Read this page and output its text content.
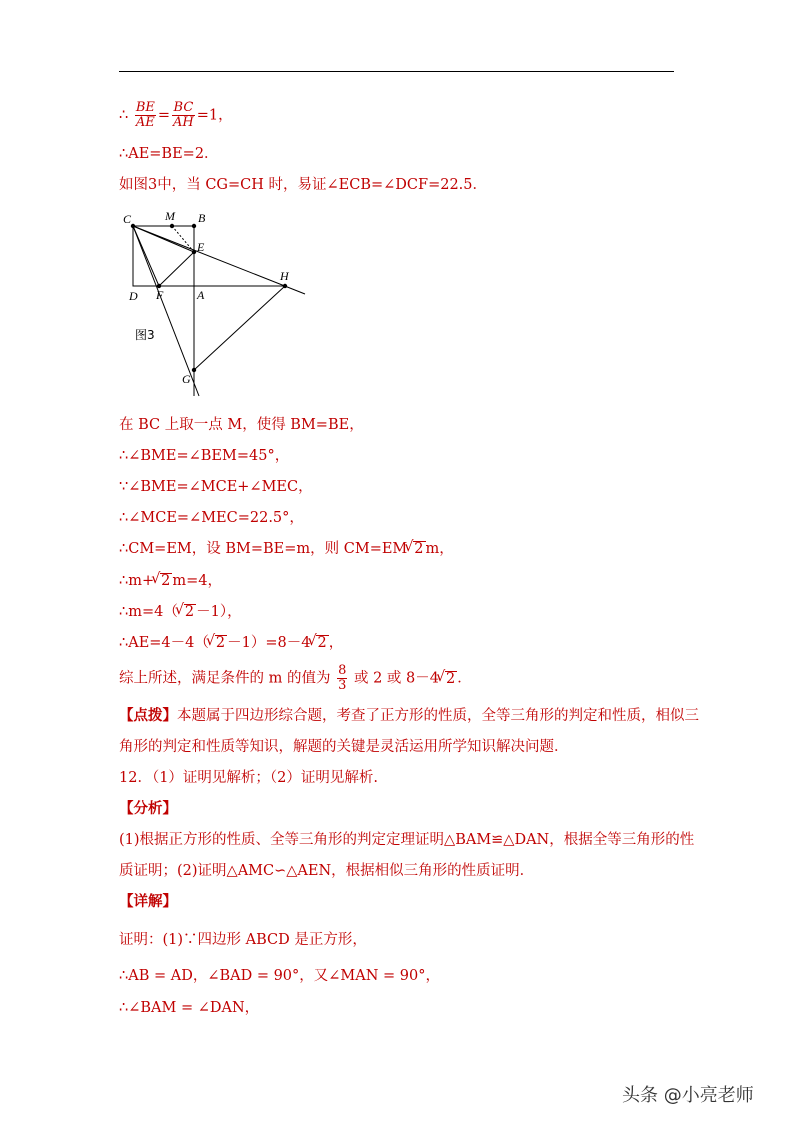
∴ $\frac{BE}{AE} = \frac{BC}{AH} =1$，
∴AE=BE=2．
如图3中，当 CG=CH 时，易证∠ECB=∠DCF=22.5．
C	M B
E
H
D F	A
G
图3
在 BC 上取一点 M，使得 BM=BE，
∴∠BME=∠BEM=45°，
∵∠BME=∠MCE+∠MEC，
∴∠MCE=∠MEC=22.5°，
∴CM=EM，设 BM=BE=m，则 CM=EM √ 2 m，
∴m+ √ 2 m=4，
∴m=4（ √ 2 －1），
∴AE=4－4（ √ 2 －1）=8－4 √ 2 ，
综上所述，满足条件的 m 的值为 $\frac{8}{3}$ 或 2 或 8－4 √ 2 ．
【点拨】本题属于四边形综合题，考查了正方形的性质，全等三角形的判定和性质，相似三
角形的判定和性质等知识，解题的关键是灵活运用所学知识解决问题．
12．（1）证明见解析；（2）证明见解析.
【分析】
(1)根据正方形的性质、全等三角形的判定定理证明△BAM≌△DAN，根据全等三角形的性
质证明；(2)证明△AMC∽△AEN，根据相似三角形的性质证明．
【详解】
证明：(1)∵四边形 ABCD 是正方形，
∴AB = AD，∠BAD = 90°，又∠MAN = 90°，
∴∠BAM = ∠DAN，
头条 @小亮老师
